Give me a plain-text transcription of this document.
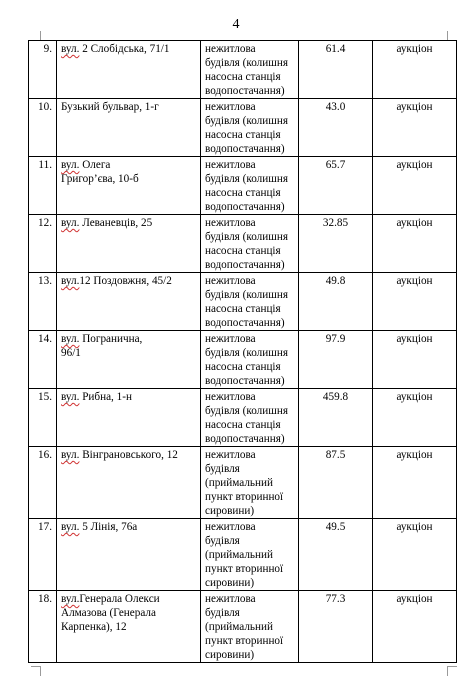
4
9.	вул. 2 Слобідська, 71/1	нежитлова
будівля (колишня
насосна станція
водопостачання)	61.4	аукціон
10.	Бузький бульвар, 1-г	нежитлова
будівля (колишня
насосна станція
водопостачання)	43.0	аукціон
11.	вул. Олега
Григор’єва, 10-б	нежитлова
будівля (колишня
насосна станція
водопостачання)	65.7	аукціон
12.	вул. Леваневців, 25	нежитлова
будівля (колишня
насосна станція
водопостачання)	32.85	аукціон
13.	вул.12 Поздовжня, 45/2	нежитлова
будівля (колишня
насосна станція
водопостачання)	49.8	аукціон
14.	вул. Погранична,
96/1	нежитлова
будівля (колишня
насосна станція
водопостачання)	97.9	аукціон
15.	вул. Рибна, 1-н	нежитлова
будівля (колишня
насосна станція
водопостачання)	459.8	аукціон
16.	вул. Вінграновського, 12	нежитлова
будівля
(приймальний
пункт вторинної
сировини)	87.5	аукціон
17.	вул. 5 Лінія, 76а	нежитлова
будівля
(приймальний
пункт вторинної
сировини)	49.5	аукціон
18.	вул.Генерала Олекси
Алмазова (Генерала
Карпенка), 12	нежитлова
будівля
(приймальний
пункт вторинної
сировини)	77.3	аукціон
